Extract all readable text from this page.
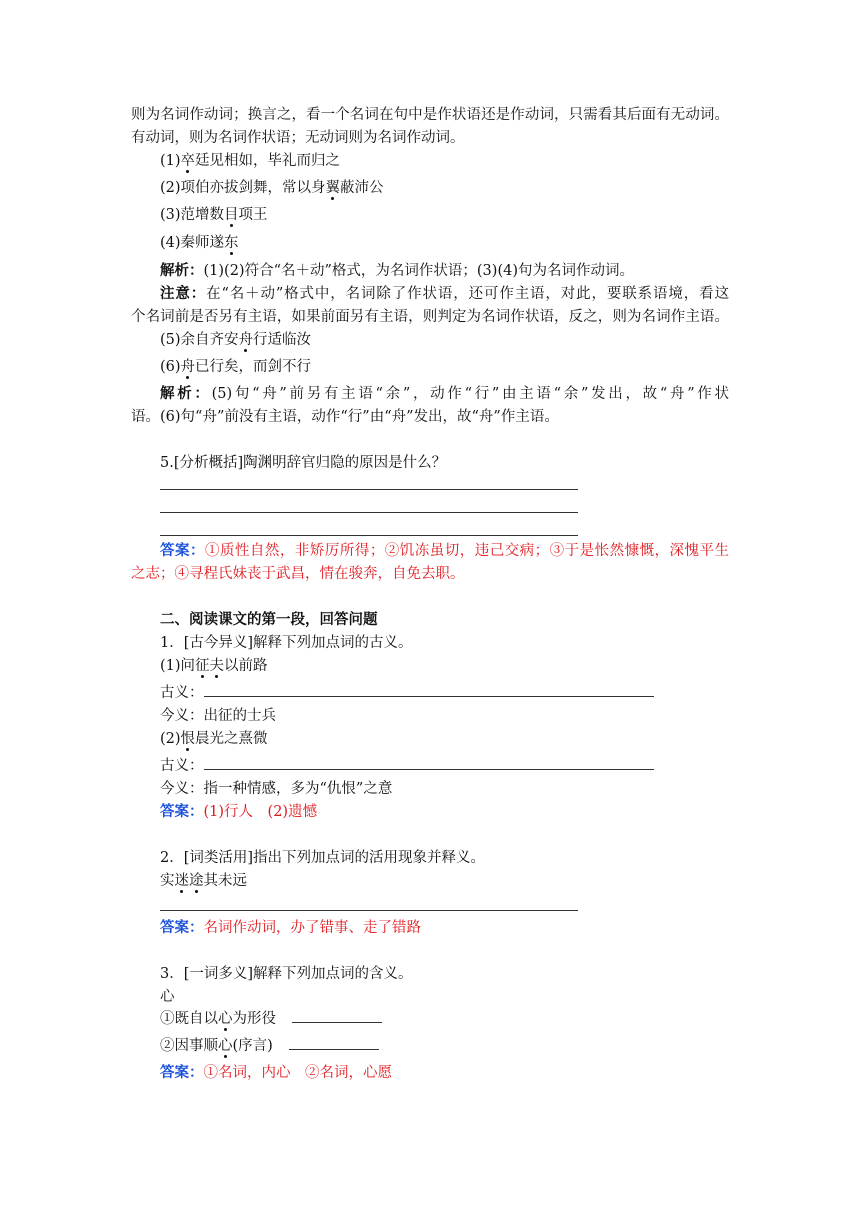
则为名词作动词；换言之，看一个名词在句中是作状语还是作动词，只需看其后面有无动词。
有动词，则为名词作状语；无动词则为名词作动词。
(1)卒廷见相如，毕礼而归之
(2)项伯亦拔剑舞，常以身翼蔽沛公
(3)范增数目项王
(4)秦师遂东
解析：(1)(2)符合“名＋动”格式，为名词作状语；(3)(4)句为名词作动词。
注意：在“名＋动”格式中，名词除了作状语，还可作主语，对此，要联系语境，看这
个名词前是否另有主语，如果前面另有主语，则判定为名词作状语，反之，则为名词作主语。
(5)余自齐安舟行适临汝
(6)舟已行矣，而剑不行
解析：(5)句“舟”前另有主语“余”，动作“行”由主语“余”发出，故“舟”作状
语。(6)句“舟”前没有主语，动作“行”由“舟”发出，故“舟”作主语。
5.[分析概括]陶渊明辞官归隐的原因是什么？
答案：①质性自然，非矫厉所得；②饥冻虽切，违己交病；③于是怅然慷慨，深愧平生
之志；④寻程氏妹丧于武昌，情在骏奔，自免去职。
二、阅读课文的第一段，回答问题
1．[古今异义]解释下列加点词的古义。
(1)问征夫以前路
古义：
今义：出征的士兵
(2)恨晨光之熹微
古义：
今义：指一种情感，多为“仇恨”之意
答案：(1)行人　(2)遗憾
2．[词类活用]指出下列加点词的活用现象并释义。
实迷途其未远
答案：名词作动词，办了错事、走了错路
3．[一词多义]解释下列加点词的含义。
心
①既自以心为形役
②因事顺心(序言)
答案：①名词，内心　②名词，心愿
